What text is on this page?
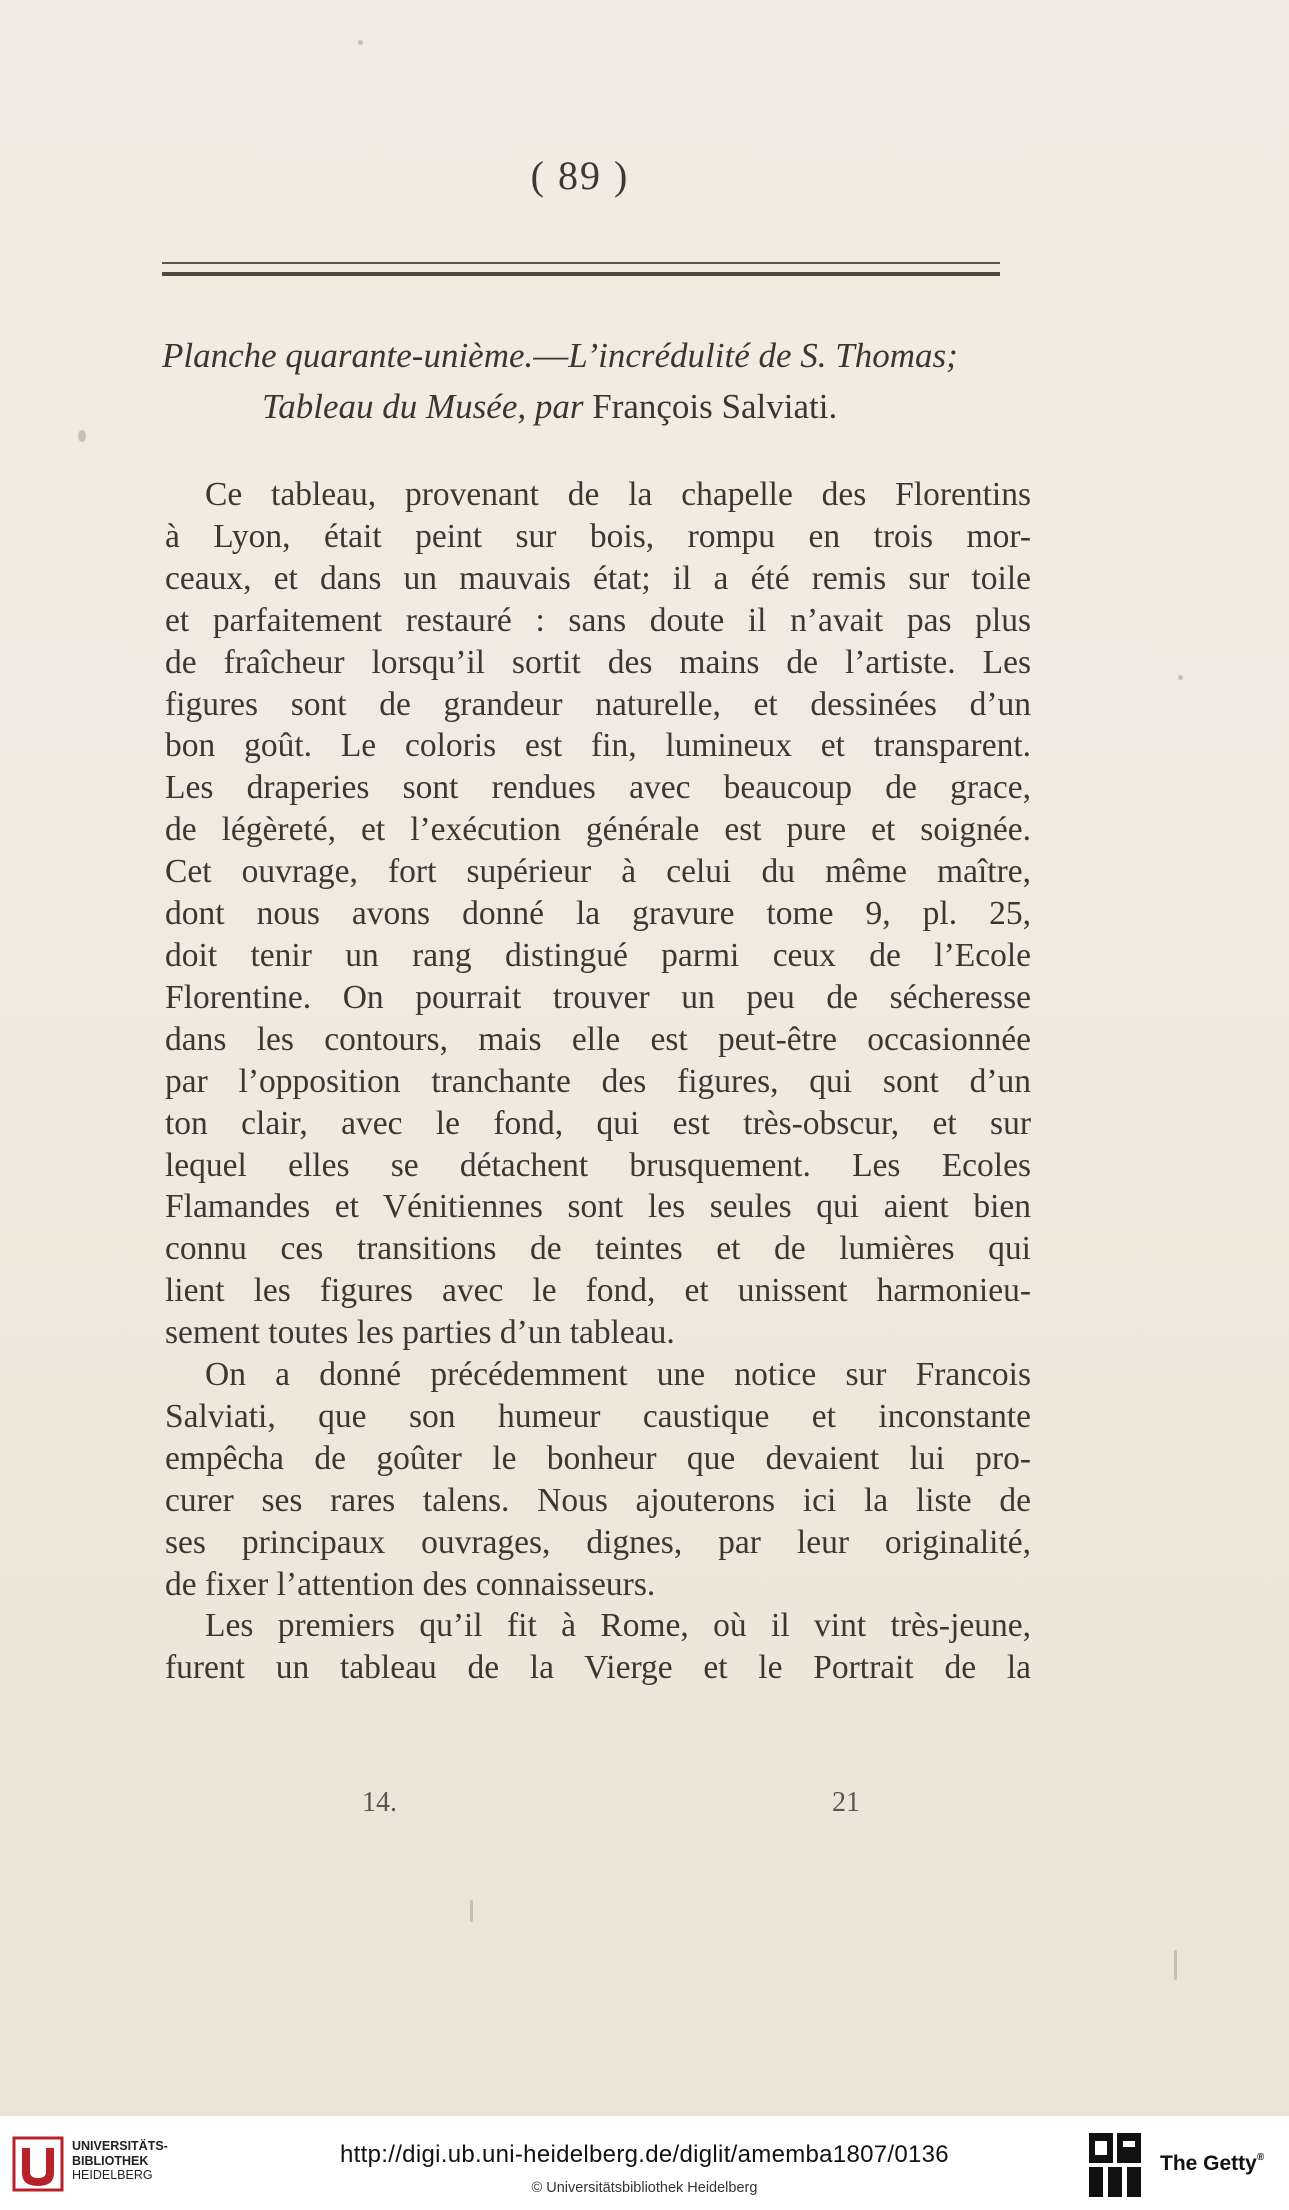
( 89 )
Planche quarante-unième.—L’incrédulité de S. Thomas;
Tableau du Musée, par François Salviati.
Ce tableau, provenant de la chapelle des Florentins
à Lyon, était peint sur bois, rompu en trois mor-
ceaux, et dans un mauvais état; il a été remis sur toile
et parfaitement restauré : sans doute il n’avait pas plus
de fraîcheur lorsqu’il sortit des mains de l’artiste. Les
figures sont de grandeur naturelle, et dessinées d’un
bon goût. Le coloris est fin, lumineux et transparent.
Les draperies sont rendues avec beaucoup de grace,
de légèreté, et l’exécution générale est pure et soignée.
Cet ouvrage, fort supérieur à celui du même maître,
dont nous avons donné la gravure tome 9, pl. 25,
doit tenir un rang distingué parmi ceux de l’Ecole
Florentine. On pourrait trouver un peu de sécheresse
dans les contours, mais elle est peut-être occasionnée
par l’opposition tranchante des figures, qui sont d’un
ton clair, avec le fond, qui est très-obscur, et sur
lequel elles se détachent brusquement. Les Ecoles
Flamandes et Vénitiennes sont les seules qui aient bien
connu ces transitions de teintes et de lumières qui
lient les figures avec le fond, et unissent harmonieu-
sement toutes les parties d’un tableau.
On a donné précédemment une notice sur Francois
Salviati, que son humeur caustique et inconstante
empêcha de goûter le bonheur que devaient lui pro-
curer ses rares talens. Nous ajouterons ici la liste de
ses principaux ouvrages, dignes, par leur originalité,
de fixer l’attention des connaisseurs.
Les premiers qu’il fit à Rome, où il vint très-jeune,
furent un tableau de la Vierge et le Portrait de la
14.	21
UNIVERSITÄTS-
BIBLIOTHEK
HEIDELBERG
http://digi.ub.uni-heidelberg.de/diglit/amemba1807/0136
© Universitätsbibliothek Heidelberg
The Getty®
